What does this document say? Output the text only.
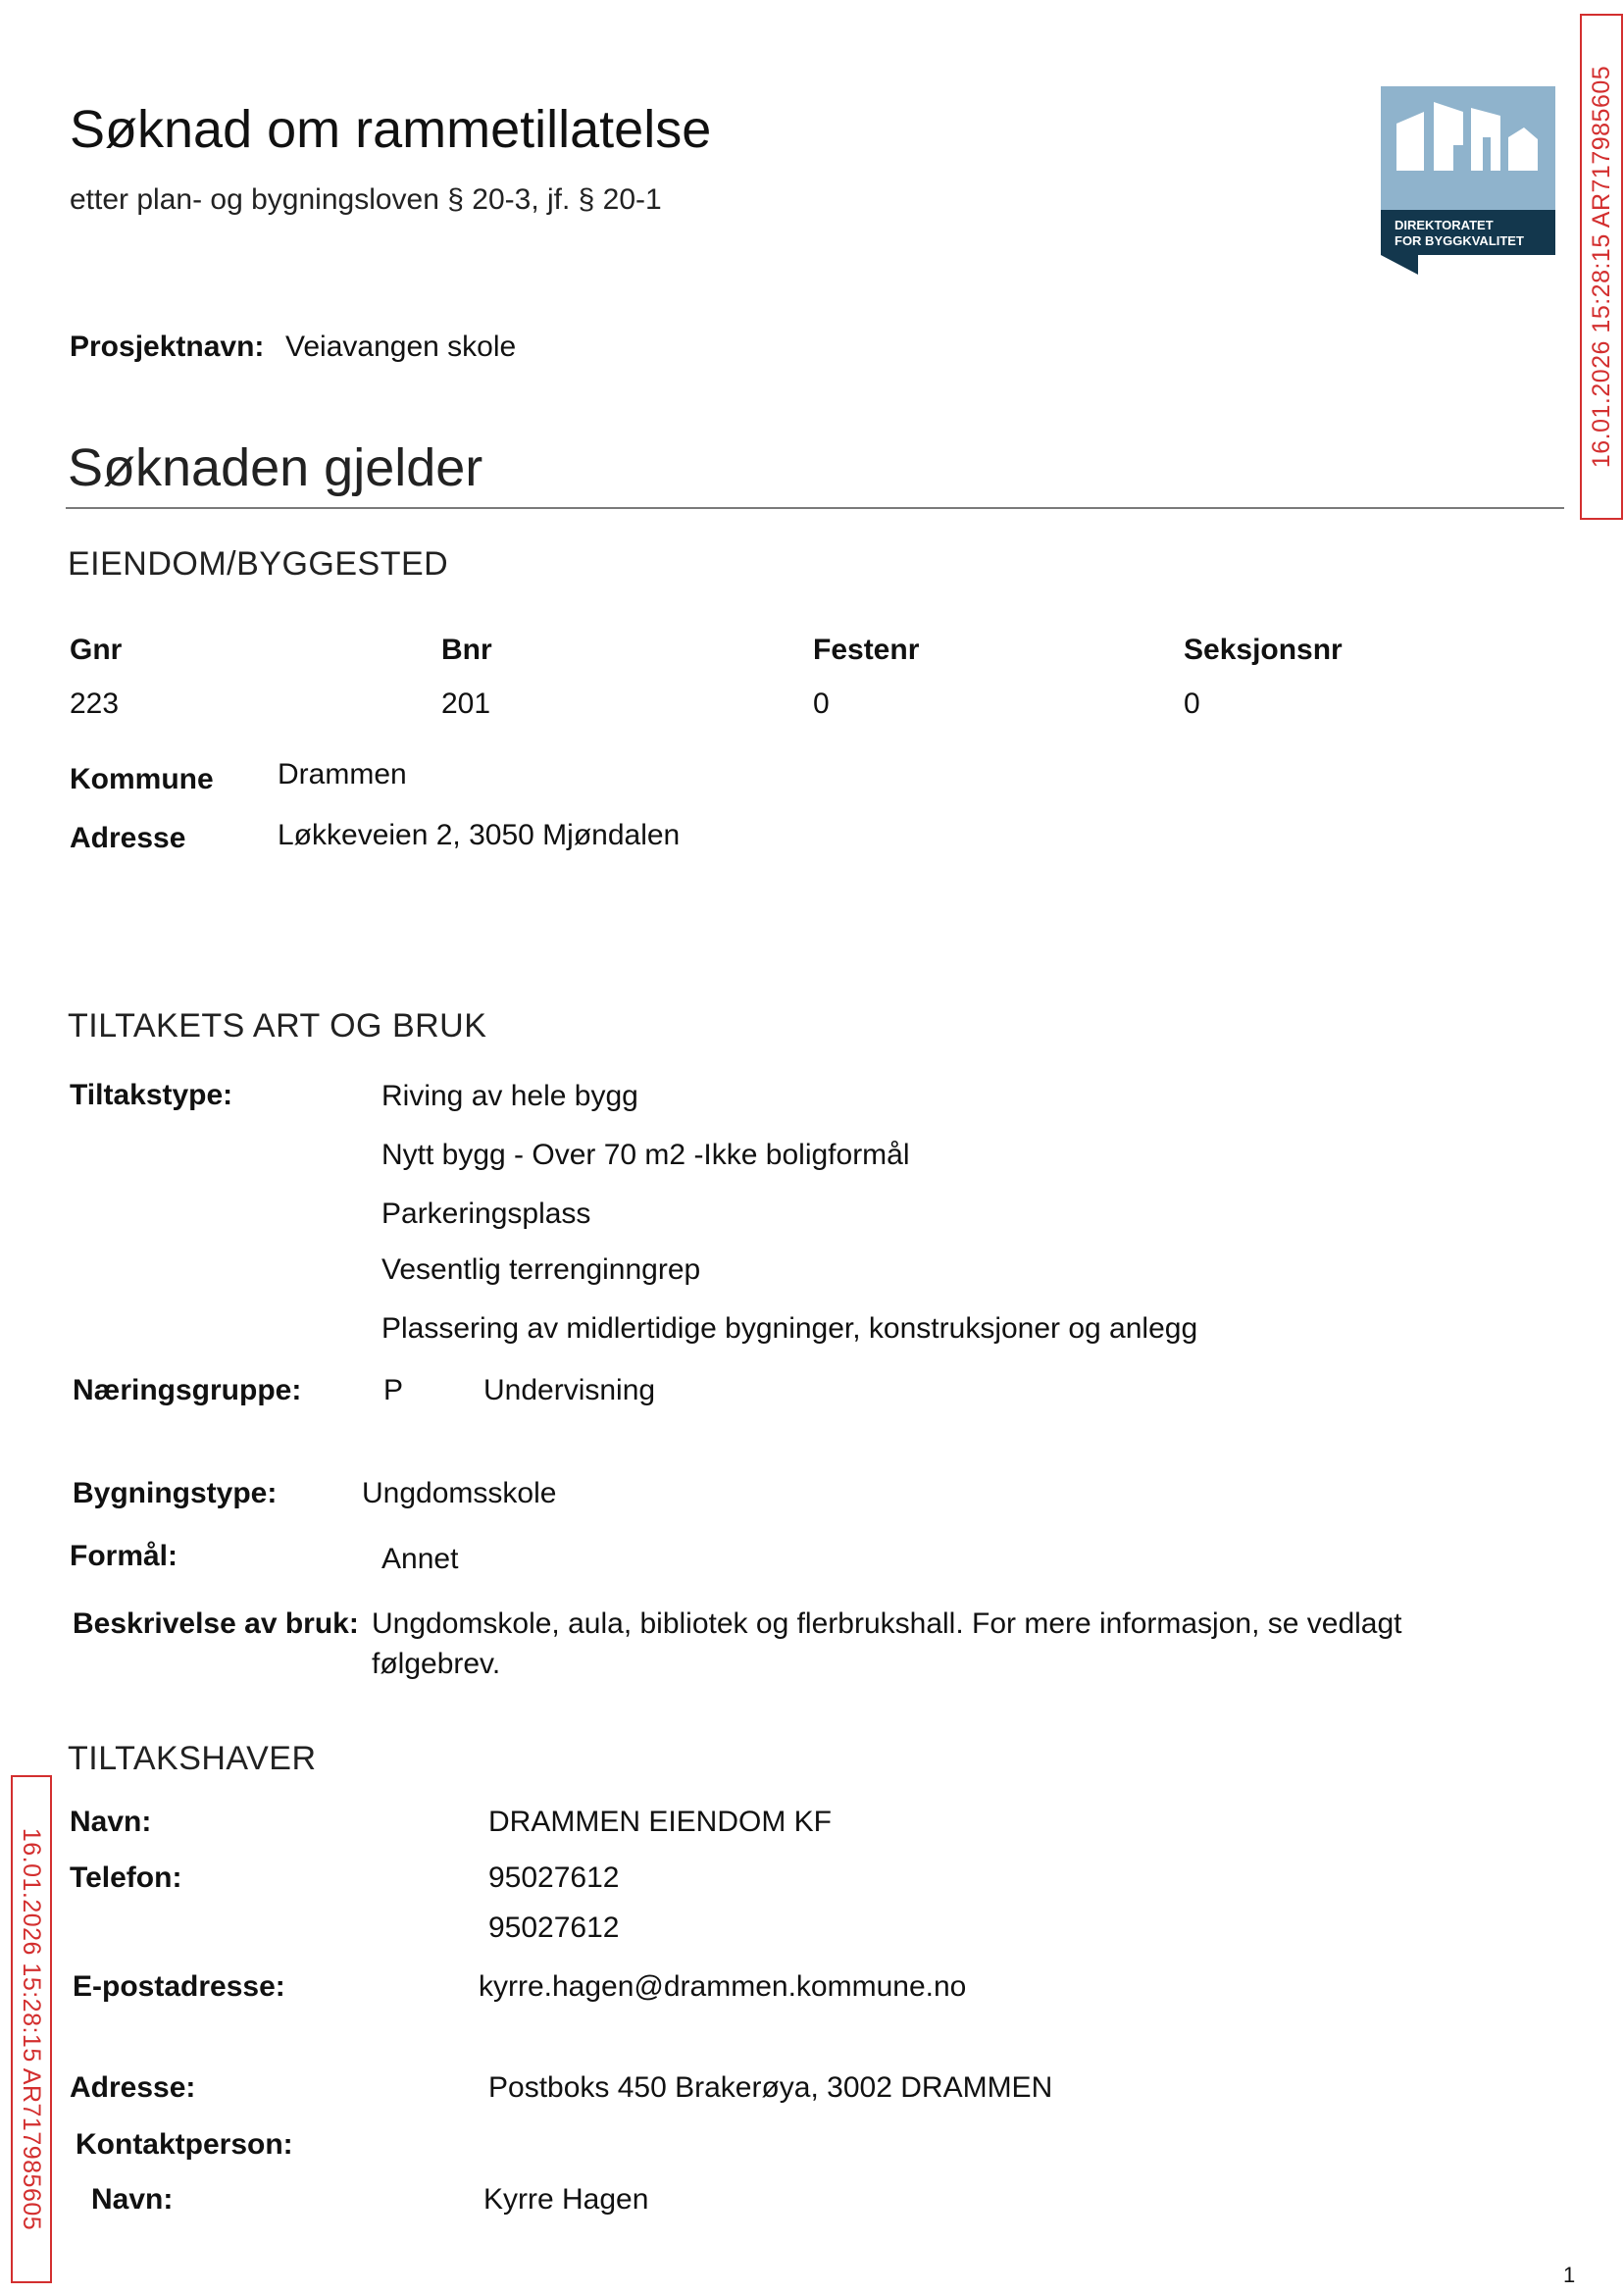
Søknad om rammetillatelse
etter plan- og bygningsloven § 20-3, jf. § 20-1
DIREKTORATET
FOR BYGGKVALITET	16.01.2026 15:28:15 AR717985605
Prosjektnavn: Veiavangen skole
Søknaden gjelder
EIENDOM/BYGGESTED
Gnr	Bnr	Festenr	Seksjonsnr
223	201	0	0
Kommune Drammen
Adresse	Løkkeveien 2, 3050 Mjøndalen
TILTAKETS ART OG BRUK
Tiltakstype:	Riving av hele bygg
Nytt bygg - Over 70 m2 -Ikke boligformål
Parkeringsplass
Vesentlig terrenginngrep
Plassering av midlertidige bygninger, konstruksjoner og anlegg
Næringsgruppe:	P	Undervisning
Bygningstype:	Ungdomsskole
Formål:	Annet
Beskrivelse av bruk: Ungdomskole, aula, bibliotek og flerbrukshall. For mere informasjon, se vedlagt
følgebrev.
TILTAKSHAVER
Navn:	DRAMMEN EIENDOM KF
Telefon:	95027612
95027612
E-postadresse:	kyrre.hagen@drammen.kommune.no
Adresse:	Postboks 450 Brakerøya, 3002 DRAMMEN
Kontaktperson:
Navn:	Kyrre Hagen
16.01.2026 15:28:15 AR717985605
1
